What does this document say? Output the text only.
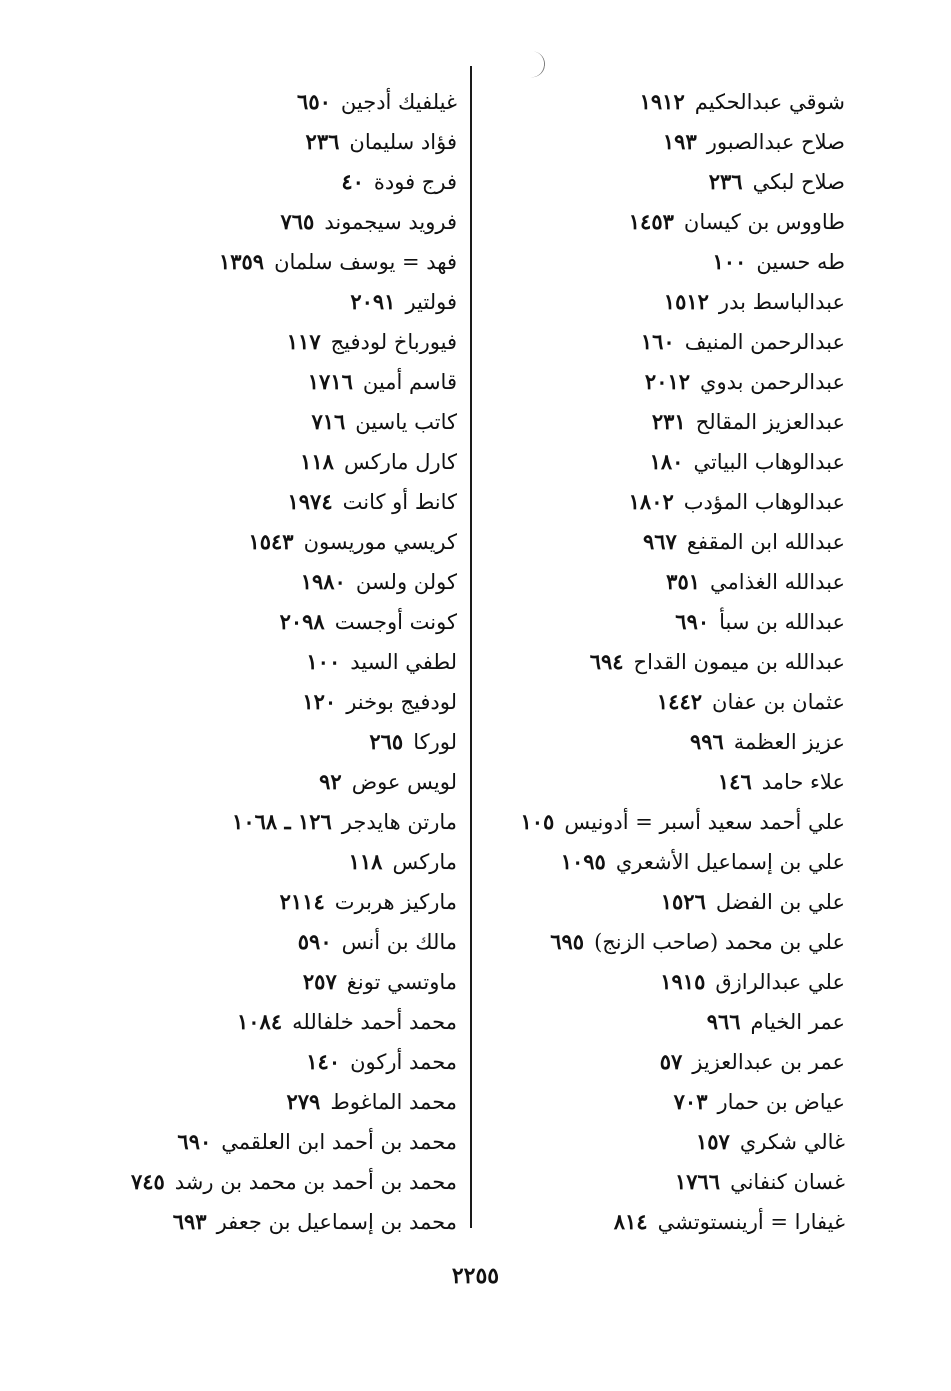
شوقي عبدالحكيم
١٩١٢
صلاح عبدالصبور
١٩٣
صلاح لبكي
٢٣٦
طاووس بن كيسان
١٤٥٣
طه حسين
١٠٠
عبدالباسط بدر
١٥١٢
عبدالرحمن المنيف
١٦٠
عبدالرحمن بدوي
٢٠١٢
عبدالعزيز المقالح
٢٣١
عبدالوهاب البياتي
١٨٠
عبدالوهاب المؤدب
١٨٠٢
عبدالله ابن المقفع
٩٦٧
عبدالله الغذامي
٣٥١
عبدالله بن سبأ
٦٩٠
عبدالله بن ميمون القداح
٦٩٤
عثمان بن عفان
١٤٤٢
عزيز العظمة
٩٩٦
علاء حامد
١٤٦
علي أحمد سعيد أسبر = أدونيس
١٠٥
علي بن إسماعيل الأشعري
١٠٩٥
علي بن الفضل
١٥٢٦
علي بن محمد (صاحب الزنج)
٦٩٥
علي عبدالرازق
١٩١٥
عمر الخيام
٩٦٦
عمر بن عبدالعزيز
٥٧
عياض بن حمار
٧٠٣
غالي شكري
١٥٧
غسان كنفاني
١٧٦٦
غيفارا = أرينستوتشي
٨١٤
غيلفيك أدجين
٦٥٠
فؤاد سليمان
٢٣٦
فرج فودة
٤٠
فرويد سيجموند
٧٦٥
فهد = يوسف سلمان
١٣٥٩
فولتير
٢٠٩١
فيورباخ لودفيج
١١٧
قاسم أمين
١٧١٦
كاتب ياسين
٧١٦
كارل ماركس
١١٨
كانط أو كانت
١٩٧٤
كريسي موريسون
١٥٤٣
كولن ولسن
١٩٨٠
كونت أوجست
٢٠٩٨
لطفي السيد
١٠٠
لودفيج بوخنر
١٢٠
لوركا
٢٦٥
لويس عوض
٩٢
مارتن هايدجر
١٢٦ ـ ١٠٦٨
ماركس
١١٨
ماركيز هربرت
٢١١٤
مالك بن أنس
٥٩٠
ماوتسي تونغ
٢٥٧
محمد أحمد خلفالله
١٠٨٤
محمد أركون
١٤٠
محمد الماغوط
٢٧٩
محمد بن أحمد ابن العلقمي
٦٩٠
محمد بن أحمد بن محمد بن رشد
٧٤٥
محمد بن إسماعيل بن جعفر
٦٩٣
٢٢٥٥
